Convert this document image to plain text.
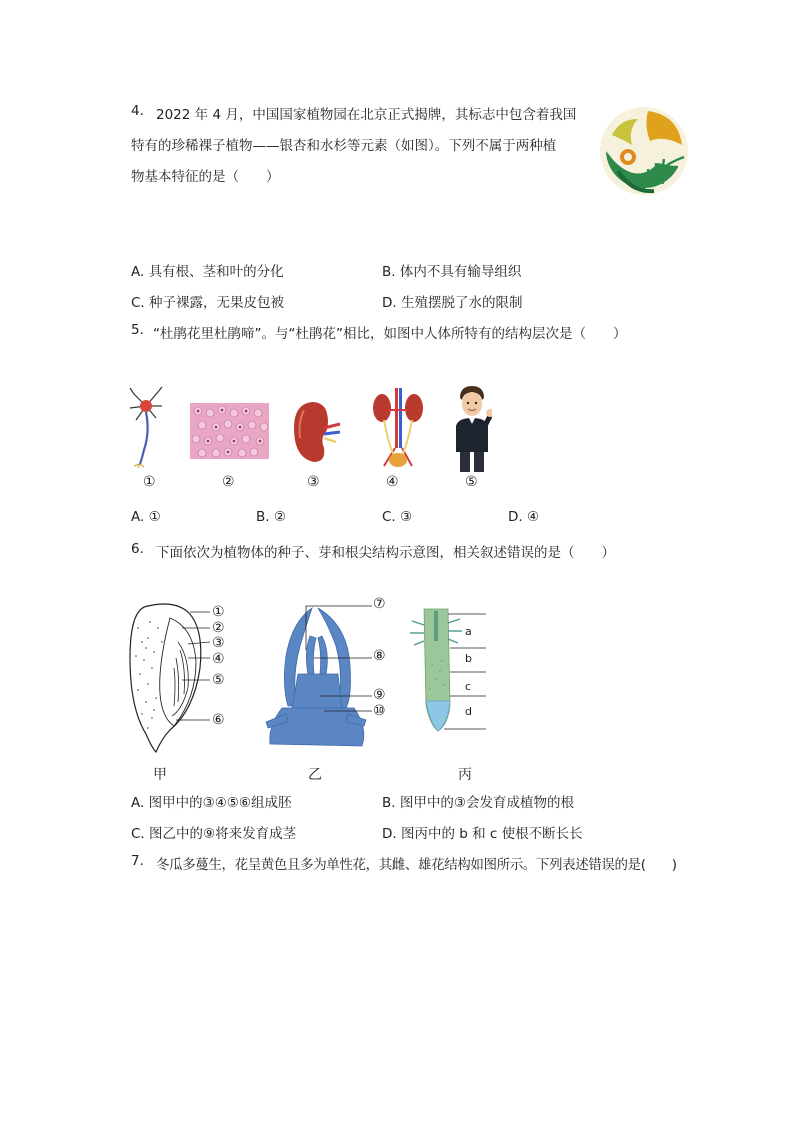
4. 2022 年 4 月，中国国家植物园在北京正式揭牌，其标志中包含着我国
特有的珍稀裸子植物——银杏和水杉等元素（如图）。下列不属于两种植
物基本特征的是（　　）
A. 具有根、茎和叶的分化	B. 体内不具有输导组织
C. 种子裸露，无果皮包被	D. 生殖摆脱了水的限制
5. “杜鹃花里杜鹃啼”。与“杜鹃花”相比，如图中人体所特有的结构层次是（　　）
①	②	③	④	⑤
A. ①	B. ②	C. ③	D. ④
6. 下面依次为植物体的种子、芽和根尖结构示意图，相关叙述错误的是（　　）
①
②
③
④
⑤
⑥
⑦
⑧
⑨
⑩
a
b
c
d
甲	乙	丙
A. 图甲中的③④⑤⑥组成胚	B. 图甲中的③会发育成植物的根
C. 图乙中的⑨将来发育成茎	D. 图丙中的 b 和 c 使根不断长长
7. 冬瓜多蔓生，花呈黄色且多为单性花，其雌、雄花结构如图所示。下列表述错误的是(　　)
